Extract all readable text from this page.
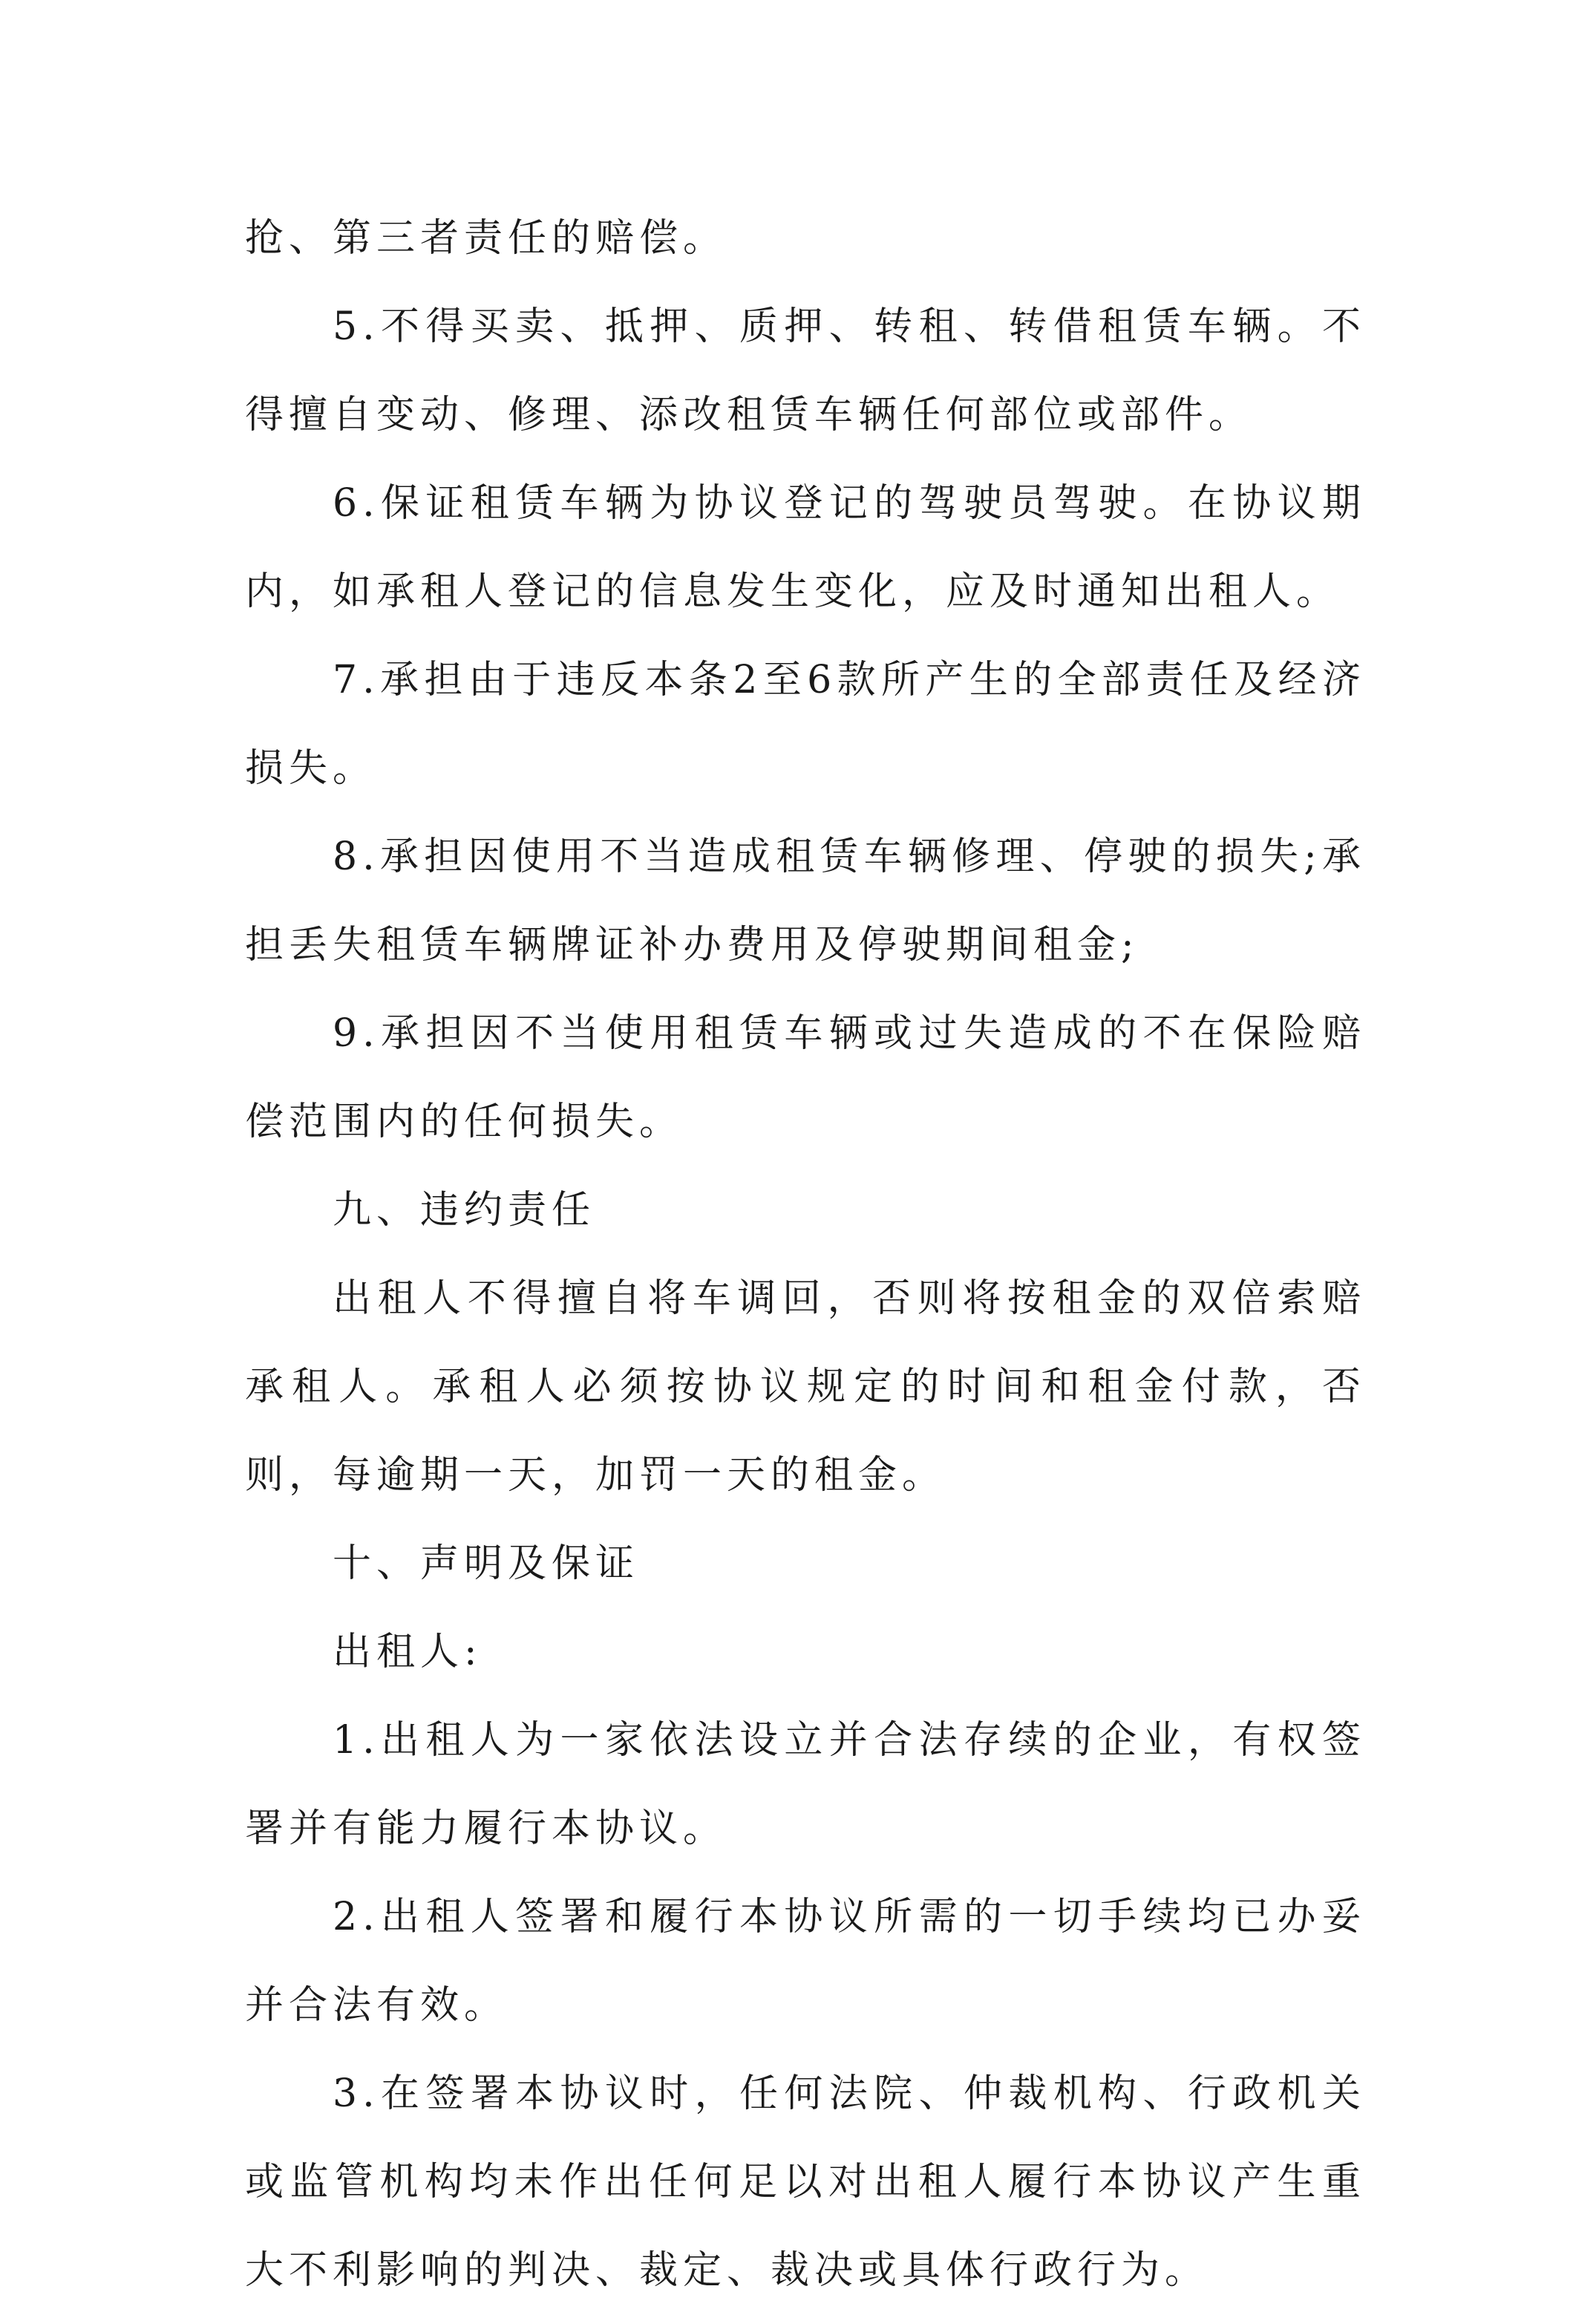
抢、第三者责任的赔偿。

5.不得买卖、抵押、质押、转租、转借租赁车辆。不得擅自变动、修理、添改租赁车辆任何部位或部件。

6.保证租赁车辆为协议登记的驾驶员驾驶。在协议期内，如承租人登记的信息发生变化，应及时通知出租人。

7.承担由于违反本条2至6款所产生的全部责任及经济损失。

8.承担因使用不当造成租赁车辆修理、停驶的损失;承担丢失租赁车辆牌证补办费用及停驶期间租金;

9.承担因不当使用租赁车辆或过失造成的不在保险赔偿范围内的任何损失。

九、违约责任

出租人不得擅自将车调回，否则将按租金的双倍索赔承租人。承租人必须按协议规定的时间和租金付款，否则，每逾期一天，加罚一天的租金。

十、声明及保证

出租人:

1.出租人为一家依法设立并合法存续的企业，有权签署并有能力履行本协议。

2.出租人签署和履行本协议所需的一切手续均已办妥并合法有效。

3.在签署本协议时，任何法院、仲裁机构、行政机关或监管机构均未作出任何足以对出租人履行本协议产生重大不利影响的判决、裁定、裁决或具体行政行为。
